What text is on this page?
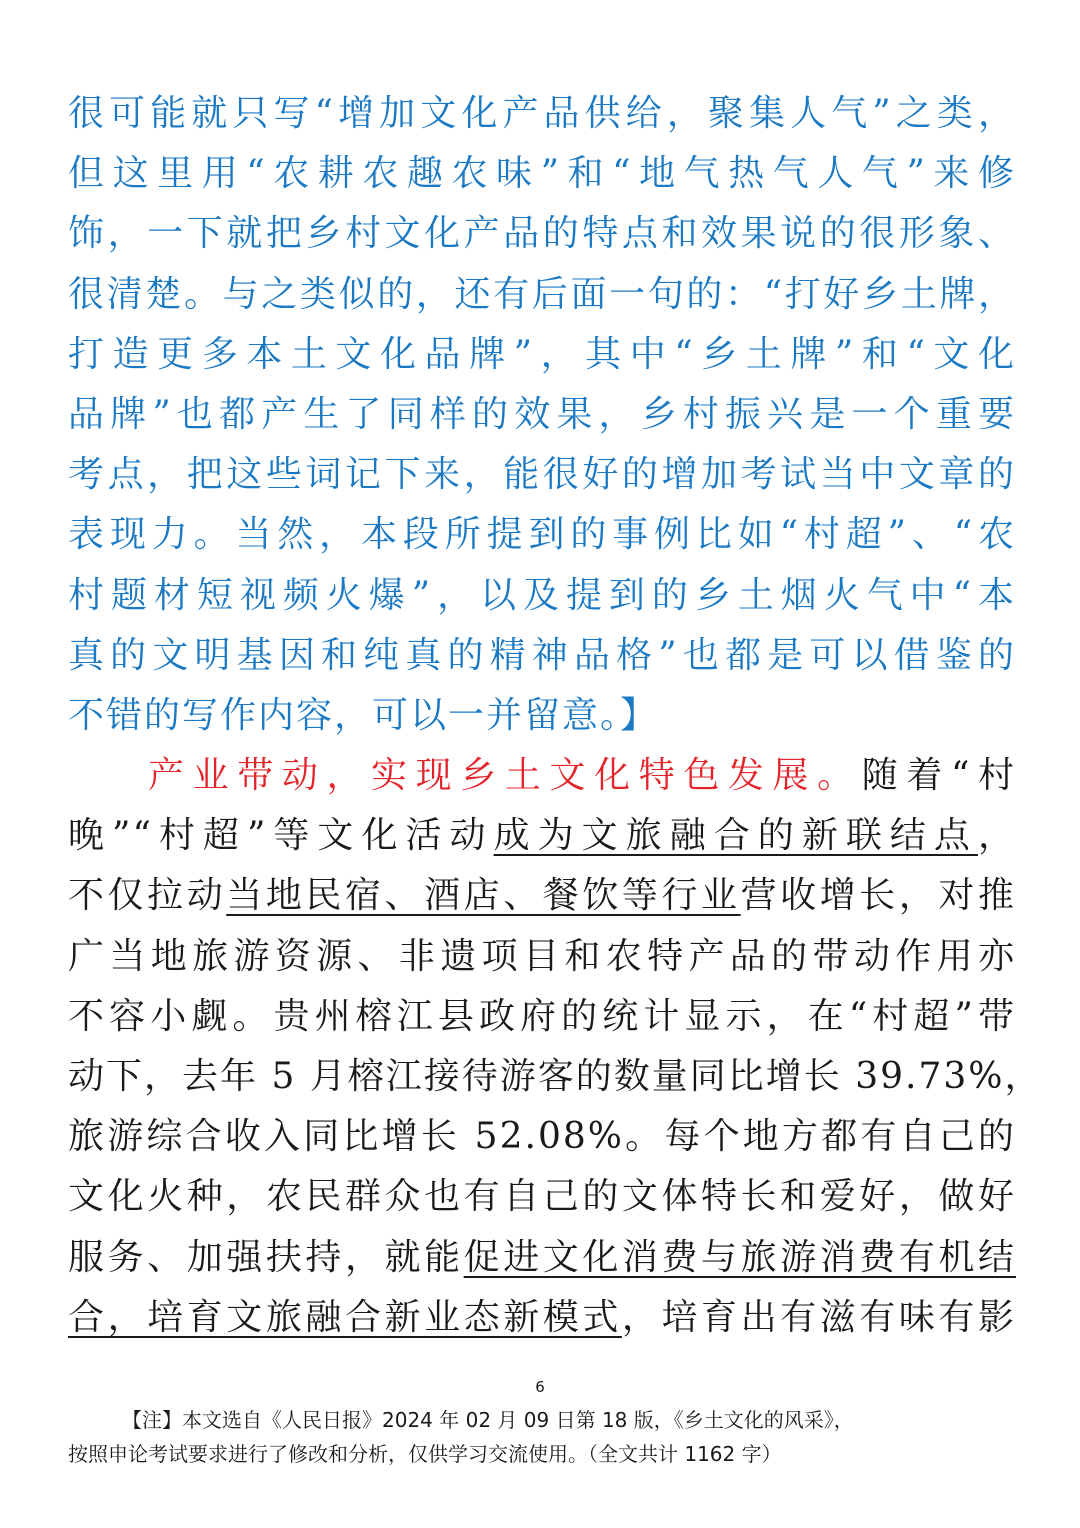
很可能就只写“增加文化产品供给，聚集人气”之类，
但这里用“农耕农趣农味”和“地气热气人气”来修
饰，一下就把乡村文化产品的特点和效果说的很形象、
很清楚。与之类似的，还有后面一句的：“打好乡土牌，
打造更多本土文化品牌”，其中“乡土牌”和“文化
品牌”也都产生了同样的效果，乡村振兴是一个重要
考点，把这些词记下来，能很好的增加考试当中文章的
表现力。当然，本段所提到的事例比如“村超”、“农
村题材短视频火爆”，以及提到的乡土烟火气中“本
真的文明基因和纯真的精神品格”也都是可以借鉴的
不错的写作内容，可以一并留意。】
产业带动，实现乡土文化特色发展。随着“村
晚”“村超”等文化活动成为文旅融合的新联结点，
不仅拉动当地民宿、酒店、餐饮等行业营收增长，对推
广当地旅游资源、非遗项目和农特产品的带动作用亦
不容小觑。贵州榕江县政府的统计显示，在“村超”带
动下，去年 5 月榕江接待游客的数量同比增长 39.73%，
旅游综合收入同比增长 52.08%。每个地方都有自己的
文化火种，农民群众也有自己的文体特长和爱好，做好
服务、加强扶持，就能促进文化消费与旅游消费有机结
合，培育文旅融合新业态新模式，培育出有滋有味有影
6
【注】本文选自《人民日报》2024 年 02 月 09 日第 18 版，《乡土文化的风采》，
按照申论考试要求进行了修改和分析，仅供学习交流使用。（全文共计 1162 字）
